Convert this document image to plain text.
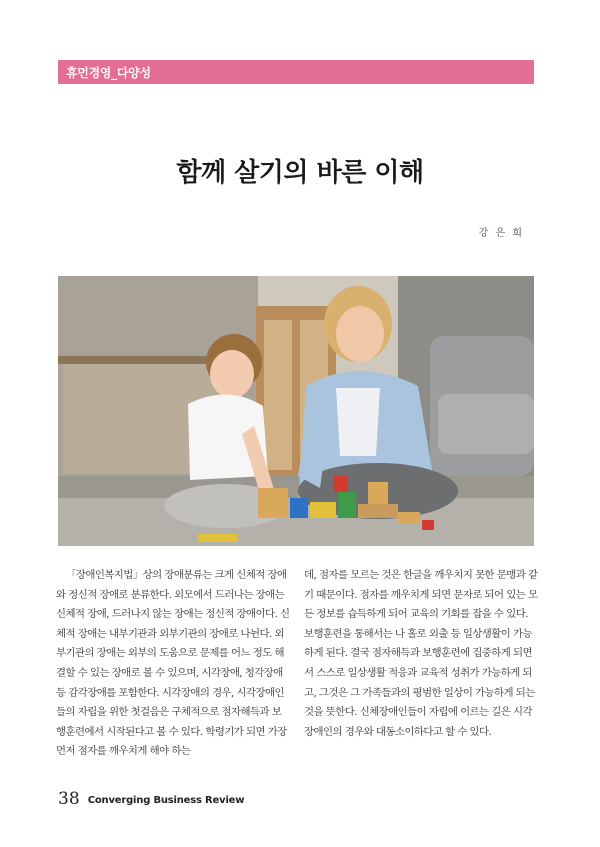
휴먼경영_다양성
함께 살기의 바른 이해
강 은 희

「장애인복지법」상의 장애분류는 크게 신체적 장애와 정신적 장애로 분류한다. 외모에서 드러나는 장애는 신체적 장애, 드러나지 않는 장애는 정신적 장애이다. 신체적 장애는 내부기관과 외부기관의 장애로 나뉜다. 외부기관의 장애는 외부의 도움으로 문제를 어느 정도 해결할 수 있는 장애로 볼 수 있으며, 시각장애, 청각장애 등 감각장애를 포함한다. 시각장애의 경우, 시각장애인들의 자립을 위한 첫걸음은 구체적으로 점자해득과 보행훈련에서 시작된다고 볼 수 있다. 학령기가 되면 가장 먼저 점자를 깨우치게 해야 하는

데, 점자를 모르는 것은 한글을 깨우치지 못한 문맹과 같기 때문이다. 점자를 깨우치게 되면 문자로 되어 있는 모든 정보를 습득하게 되어 교육의 기회를 잡을 수 있다. 보행훈련을 통해서는 나 홀로 외출 등 일상생활이 가능하게 된다. 결국 점자해득과 보행훈련에 집중하게 되면서 스스로 일상생활 적응과 교육적 성취가 가능하게 되고, 그것은 그 가족들과의 평범한 일상이 가능하게 되는 것을 뜻한다. 신체장애인들이 자립에 이르는 길은 시각장애인의 경우와 대동소이하다고 할 수 있다.

38 Converging Business Review
